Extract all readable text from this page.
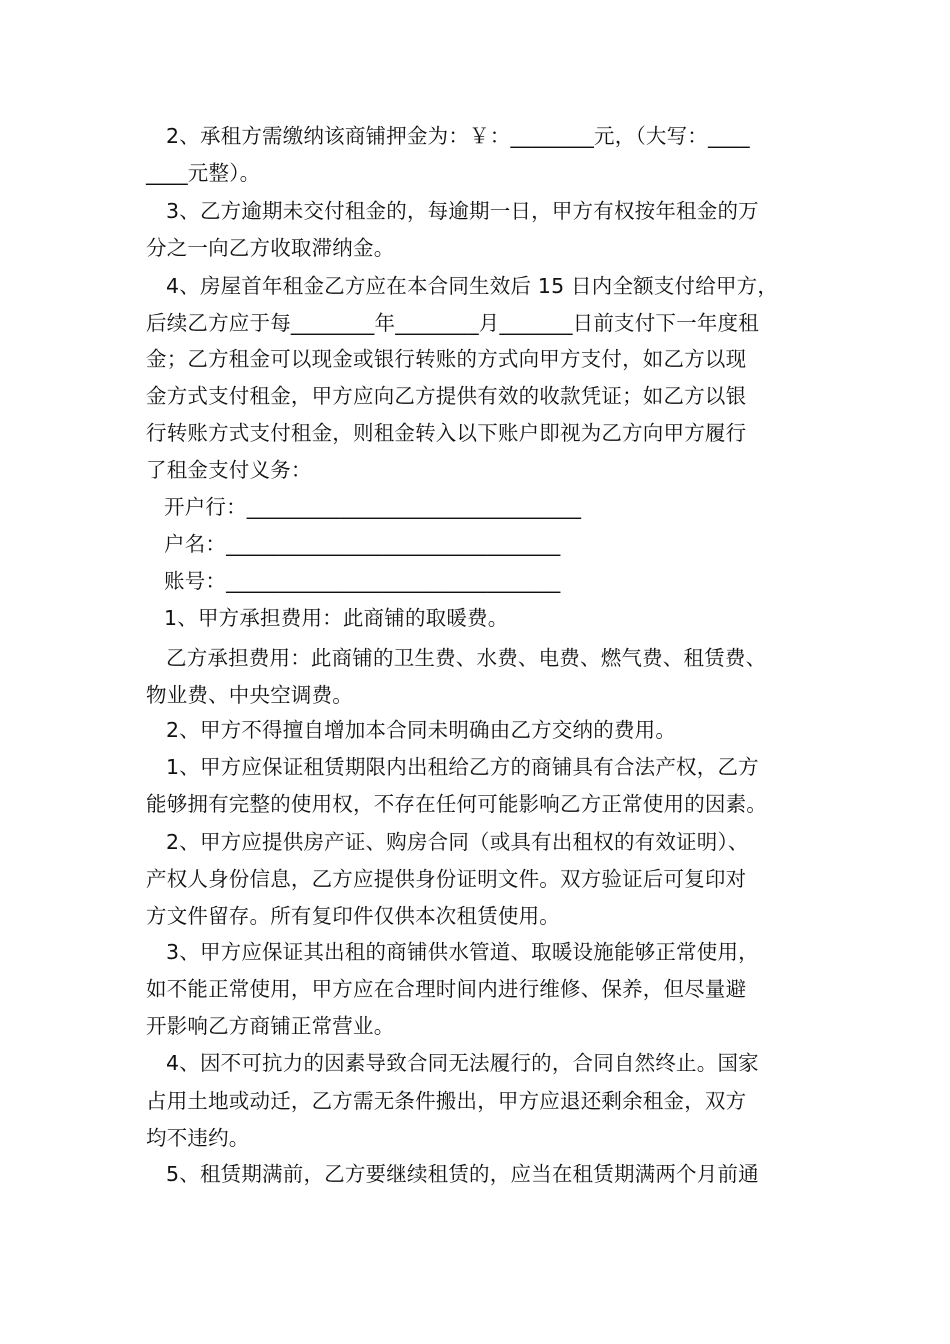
2、承租方需缴纳该商铺押金为：￥：________元，（大写：____
____元整）。
3、乙方逾期未交付租金的，每逾期一日，甲方有权按年租金的万
分之一向乙方收取滞纳金。
4、房屋首年租金乙方应在本合同生效后 15 日内全额支付给甲方，
后续乙方应于每________年________月_______日前支付下一年度租
金；乙方租金可以现金或银行转账的方式向甲方支付，如乙方以现
金方式支付租金，甲方应向乙方提供有效的收款凭证；如乙方以银
行转账方式支付租金，则租金转入以下账户即视为乙方向甲方履行
了租金支付义务：
开户行：________________________________
户名：________________________________
账号：________________________________
1、甲方承担费用：此商铺的取暖费。
乙方承担费用：此商铺的卫生费、水费、电费、燃气费、租赁费、
物业费、中央空调费。
2、甲方不得擅自增加本合同未明确由乙方交纳的费用。
1、甲方应保证租赁期限内出租给乙方的商铺具有合法产权，乙方
能够拥有完整的使用权，不存在任何可能影响乙方正常使用的因素。
2、甲方应提供房产证、购房合同（或具有出租权的有效证明）、
产权人身份信息，乙方应提供身份证明文件。双方验证后可复印对
方文件留存。所有复印件仅供本次租赁使用。
3、甲方应保证其出租的商铺供水管道、取暖设施能够正常使用，
如不能正常使用，甲方应在合理时间内进行维修、保养，但尽量避
开影响乙方商铺正常营业。
4、因不可抗力的因素导致合同无法履行的，合同自然终止。国家
占用土地或动迁，乙方需无条件搬出，甲方应退还剩余租金，双方
均不违约。
5、租赁期满前，乙方要继续租赁的，应当在租赁期满两个月前通
